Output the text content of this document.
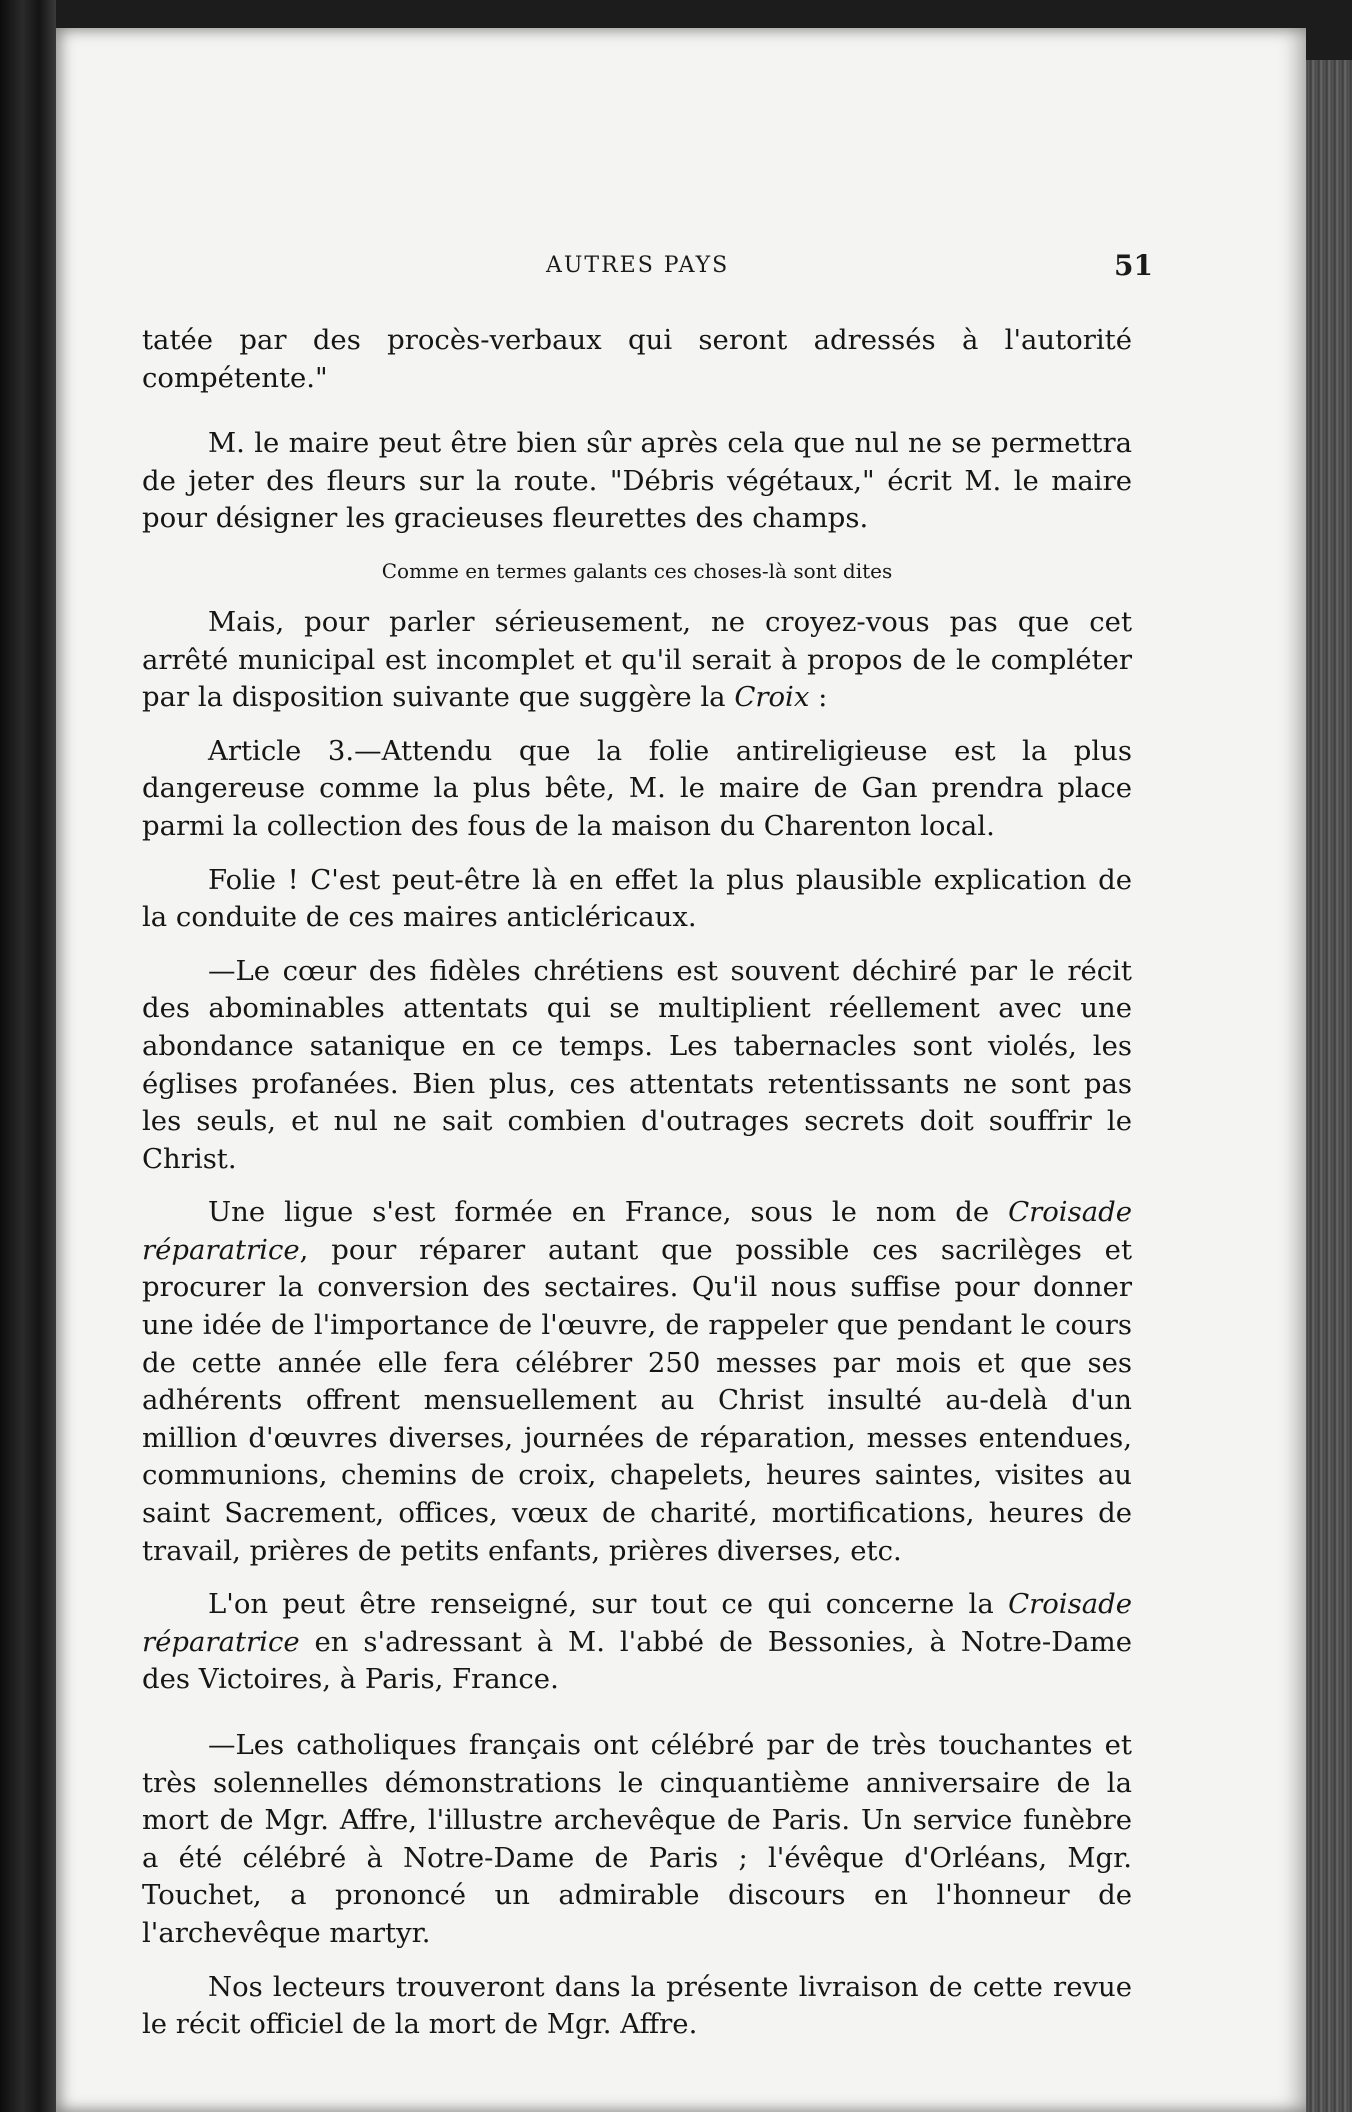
AUTRES PAYS	51

tatée par des procès-verbaux qui seront adressés à l'autorité compétente."

M. le maire peut être bien sûr après cela que nul ne se permettra de jeter des fleurs sur la route. "Débris végétaux," écrit M. le maire pour désigner les gracieuses fleurettes des champs.

Comme en termes galants ces choses-là sont dites

Mais, pour parler sérieusement, ne croyez-vous pas que cet arrêté municipal est incomplet et qu'il serait à propos de le compléter par la disposition suivante que suggère la Croix :

Article 3.—Attendu que la folie antireligieuse est la plus dangereuse comme la plus bête, M. le maire de Gan prendra place parmi la collection des fous de la maison du Charenton local.

Folie ! C'est peut-être là en effet la plus plausible explication de la conduite de ces maires anticléricaux.

—Le cœur des fidèles chrétiens est souvent déchiré par le récit des abominables attentats qui se multiplient réellement avec une abondance satanique en ce temps. Les tabernacles sont violés, les églises profanées. Bien plus, ces attentats retentissants ne sont pas les seuls, et nul ne sait combien d'outrages secrets doit souffrir le Christ.

Une ligue s'est formée en France, sous le nom de Croisade réparatrice, pour réparer autant que possible ces sacrilèges et procurer la conversion des sectaires. Qu'il nous suffise pour donner une idée de l'importance de l'œuvre, de rappeler que pendant le cours de cette année elle fera célébrer 250 messes par mois et que ses adhérents offrent mensuellement au Christ insulté au-delà d'un million d'œuvres diverses, journées de réparation, messes entendues, communions, chemins de croix, chapelets, heures saintes, visites au saint Sacrement, offices, vœux de charité, mortifications, heures de travail, prières de petits enfants, prières diverses, etc.

L'on peut être renseigné, sur tout ce qui concerne la Croisade réparatrice en s'adressant à M. l'abbé de Bessonies, à Notre-Dame des Victoires, à Paris, France.

—Les catholiques français ont célébré par de très touchantes et très solennelles démonstrations le cinquantième anniversaire de la mort de Mgr. Affre, l'illustre archevêque de Paris. Un service funèbre a été célébré à Notre-Dame de Paris ; l'évêque d'Orléans, Mgr. Touchet, a prononcé un admirable discours en l'honneur de l'archevêque martyr.

Nos lecteurs trouveront dans la présente livraison de cette revue le récit officiel de la mort de Mgr. Affre.
